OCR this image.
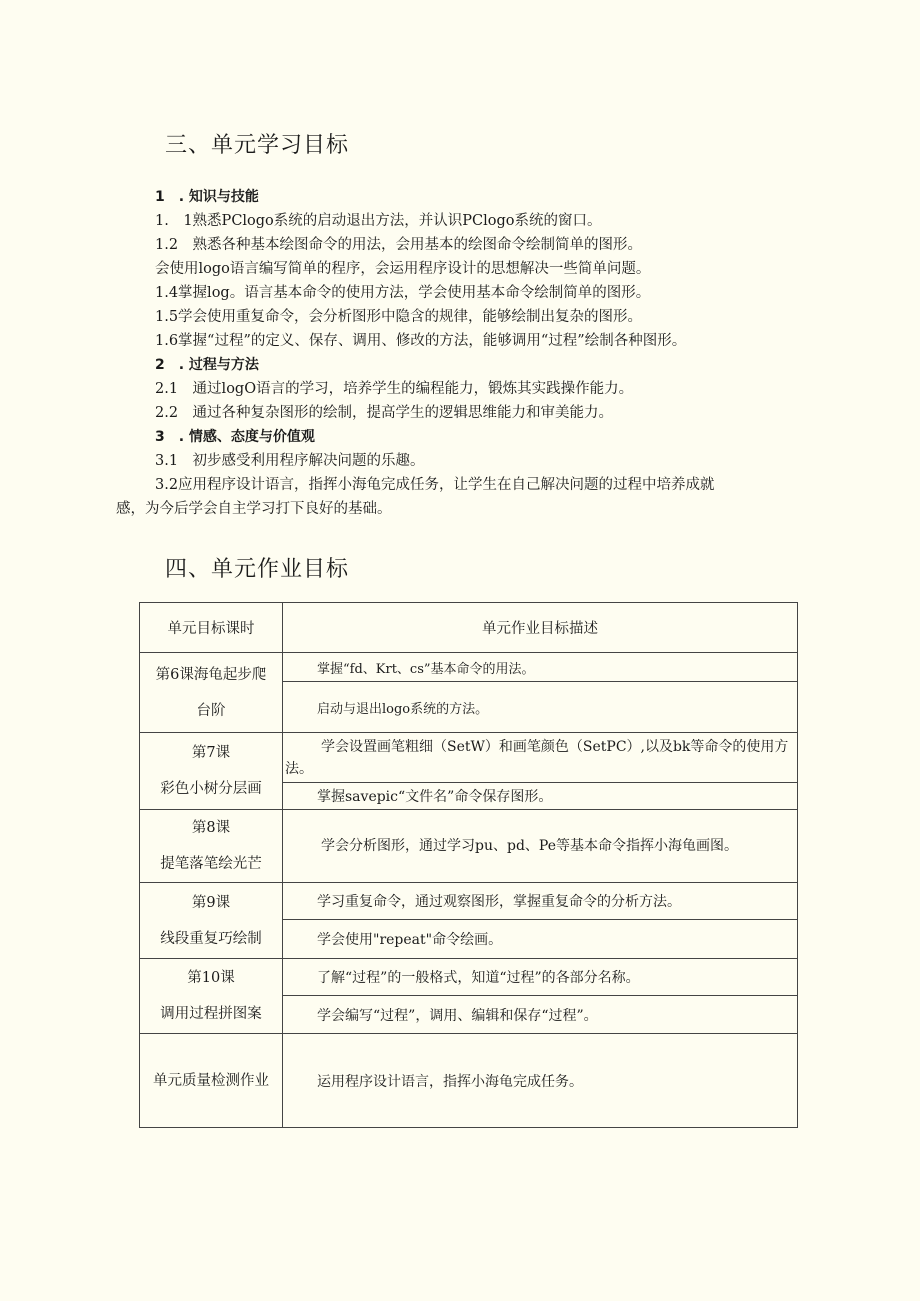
三、单元学习目标

1　. 知识与技能

1.　1熟悉PClogo系统的启动退出方法，并认识PClogo系统的窗口。

1.2　熟悉各种基本绘图命令的用法，会用基本的绘图命令绘制简单的图形。

会使用logo语言编写简单的程序，会运用程序设计的思想解决一些简单问题。

1.4掌握log。语言基本命令的使用方法，学会使用基本命令绘制简单的图形。

1.5学会使用重复命令，会分析图形中隐含的规律，能够绘制出复杂的图形。

1.6掌握“过程”的定义、保存、调用、修改的方法，能够调用“过程”绘制各种图形。

2　. 过程与方法

2.1　通过logO语言的学习，培养学生的编程能力，锻炼其实践操作能力。

2.2　通过各种复杂图形的绘制，提高学生的逻辑思维能力和审美能力。

3　. 情感、态度与价值观

3.1　初步感受利用程序解决问题的乐趣。

3.2应用程序设计语言，指挥小海龟完成任务，让学生在自己解决问题的过程中培养成就

感，为今后学会自主学习打下良好的基础。

四、单元作业目标
单元目标课时	单元作业目标描述

第6课海龟起步爬
台阶	掌握“fd、Krt、cs”基本命令的用法。
	启动与退出logo系统的方法。

第7课
彩色小树分层画	学会设置画笔粗细（SetW）和画笔颜色（SetPC）,以及bk等命令的使用方法。
	掌握savepic“文件名”命令保存图形。

第8课
提笔落笔绘光芒	学会分析图形，通过学习pu、pd、Pe等基本命令指挥小海龟画图。

第9课
线段重复巧绘制	学习重复命令，通过观察图形，掌握重复命令的分析方法。
	学会使用"repeat"命令绘画。

第10课
调用过程拼图案	了解“过程”的一般格式，知道“过程”的各部分名称。
	学会编写“过程”，调用、编辑和保存“过程”。
单元质量检测作业	运用程序设计语言，指挥小海龟完成任务。
